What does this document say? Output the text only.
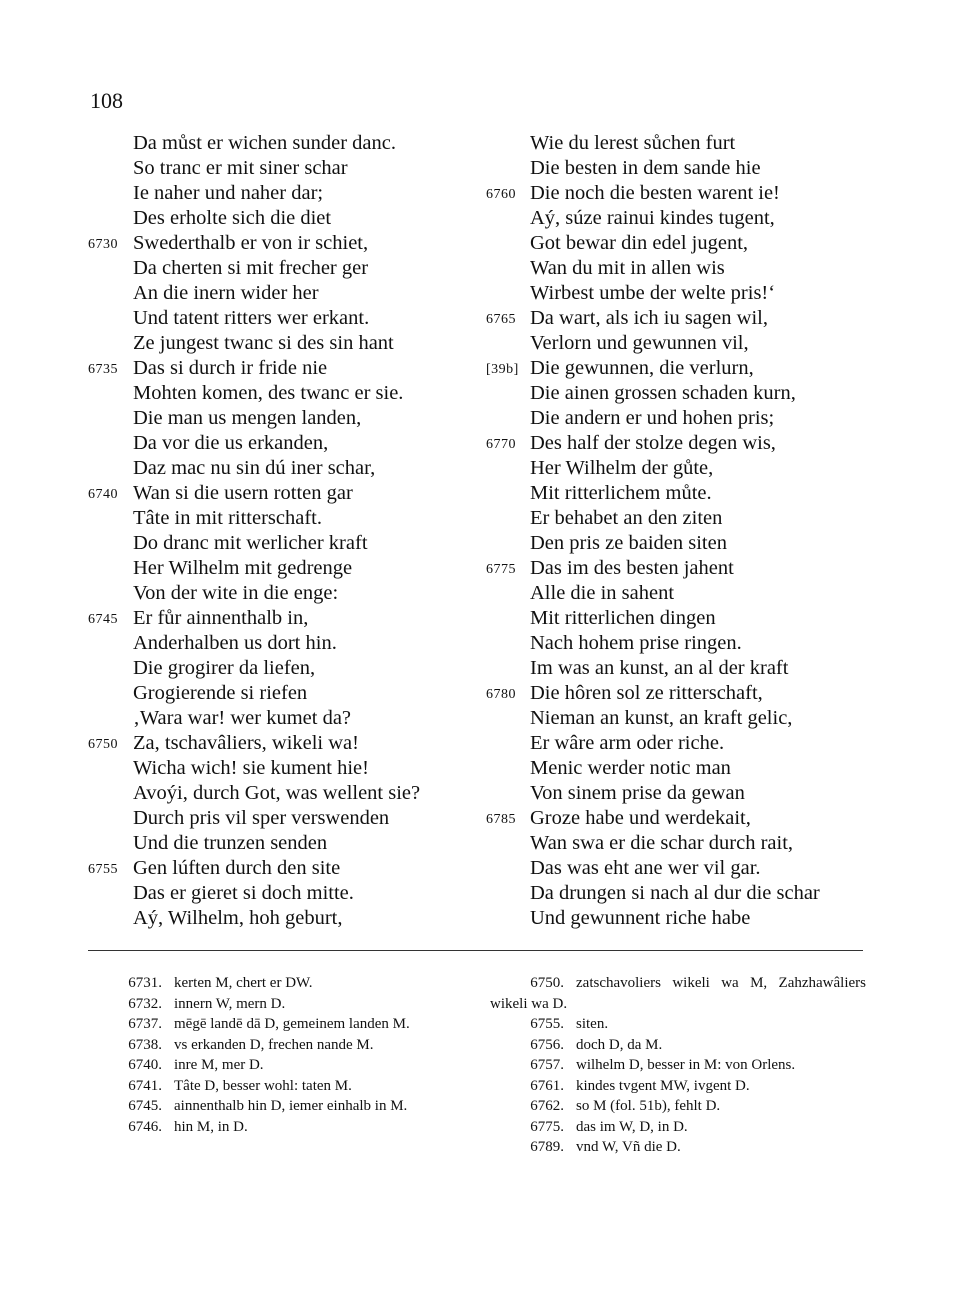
108
Da můst er wichen sunder danc.
So tranc er mit siner schar
Ie naher und naher dar;
Des erholte sich die diet
6730 Swederthalb er von ir schiet,
Da cherten si mit frecher ger
An die inern wider her
Und tatent ritters wer erkant.
Ze jungest twanc si des sin hant
6735 Das si durch ir fride nie
Mohten komen, des twanc er sie.
Die man us mengen landen,
Da vor die us erkanden,
Daz mac nu sin dú iner schar,
6740 Wan si die usern rotten gar
Tâte in mit ritterschaft.
Do dranc mit werlicher kraft
Her Wilhelm mit gedrenge
Von der wite in die enge:
6745 Er fůr ainnenthalb in,
Anderhalben us dort hin.
Die grogirer da liefen,
Grogierende si riefen
‚Wara war! wer kumet da?
6750 Za, tschavâliers, wikeli wa!
Wicha wich! sie kument hie!
Avoýi, durch Got, was wellent sie?
Durch pris vil sper verswenden
Und die trunzen senden
6755 Gen lúften durch den site
Das er gieret si doch mitte.
Aý, Wilhelm, hoh geburt,
Wie du lerest sůchen furt
Die besten in dem sande hie
6760 Die noch die besten warent ie!
Aý, súze rainui kindes tugent,
Got bewar din edel jugent,
Wan du mit in allen wis
Wirbest umbe der welte pris!‘
6765 Da wart, als ich iu sagen wil,
Verlorn und gewunnen vil,
[39b] Die gewunnen, die verlurn,
Die ainen grossen schaden kurn,
Die andern er und hohen pris;
6770 Des half der stolze degen wis,
Her Wilhelm der gůte,
Mit ritterlichem můte.
Er behabet an den ziten
Den pris ze baiden siten
6775 Das im des besten jahent
Alle die in sahent
Mit ritterlichen dingen
Nach hohem prise ringen.
Im was an kunst, an al der kraft
6780 Die hôren sol ze ritterschaft,
Nieman an kunst, an kraft gelic,
Er wâre arm oder riche.
Menic werder notic man
Von sinem prise da gewan
6785 Groze habe und werdekait,
Wan swa er die schar durch rait,
Das was eht ane wer vil gar.
Da drungen si nach al dur die schar
Und gewunnent riche habe
6731. kerten M, chert er DW.
6732. innern W, mern D.
6737. mēgē landē dā D, gemeinem landen M.
6738. vs erkanden D, frechen nande M.
6740. inre M, mer D.
6741. Tâte D, besser wohl: taten M.
6745. ainnenthalb hin D, iemer einhalb in M.
6746. hin M, in D.
6750. zatschavoliers wikeli wa M, Zahzhawâliers wikeli wa D.
6755. siten.
6756. doch D, da M.
6757. wilhelm D, besser in M: von Orlens.
6761. kindes tvgent MW, ivgent D.
6762. so M (fol. 51b), fehlt D.
6775. das im W, D, in D.
6789. vnd W, Vñ die D.
